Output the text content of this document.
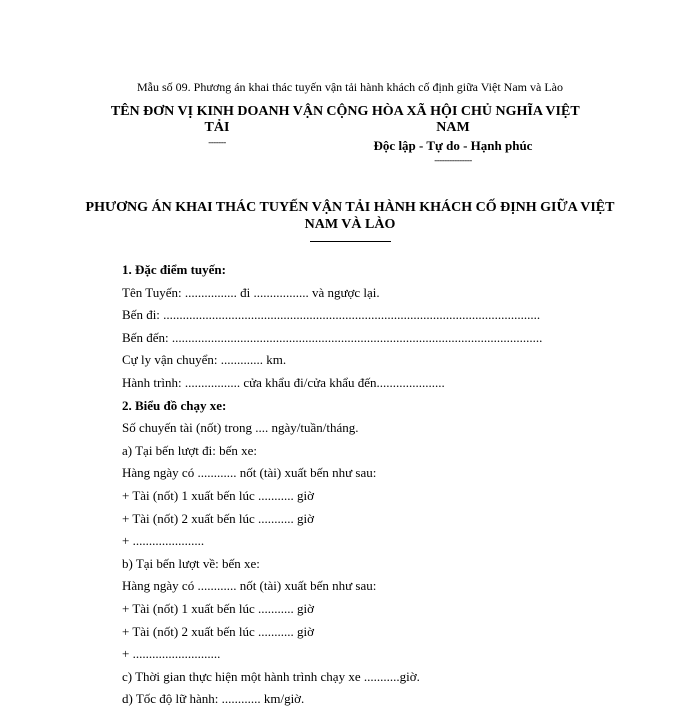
Mẫu số 09. Phương án khai thác tuyến vận tải hành khách cố định giữa Việt Nam và Lào
TÊN ĐƠN VỊ KINH DOANH VẬN
TẢI
-------
CỘNG HÒA XÃ HỘI CHỦ NGHĨA VIỆT
NAM
Độc lập - Tự do - Hạnh phúc
---------------
PHƯƠNG ÁN KHAI THÁC TUYẾN VẬN TẢI HÀNH KHÁCH CỐ ĐỊNH GIỮA VIỆT
NAM VÀ LÀO
1. Đặc điểm tuyến:
Tên Tuyến: ................ đi ................. và ngược lại.
Bến đi: ....................................................................................................................
Bến đến: ..................................................................................................................
Cự ly vận chuyển: ............. km.
Hành trình: ................. cửa khẩu đi/cửa khẩu đến.....................
2. Biểu đồ chạy xe:
Số chuyến tài (nốt) trong .... ngày/tuần/tháng.
a) Tại bến lượt đi: bến xe:
Hàng ngày có ............ nốt (tài) xuất bến như sau:
+ Tài (nốt) 1 xuất bến lúc ........... giờ
+ Tài (nốt) 2 xuất bến lúc ........... giờ
+ ......................
b) Tại bến lượt về: bến xe:
Hàng ngày có ............ nốt (tài) xuất bến như sau:
+ Tài (nốt) 1 xuất bến lúc ........... giờ
+ Tài (nốt) 2 xuất bến lúc ........... giờ
+ ...........................
c) Thời gian thực hiện một hành trình chạy xe ...........giờ.
d) Tốc độ lữ hành: ............ km/giờ.
